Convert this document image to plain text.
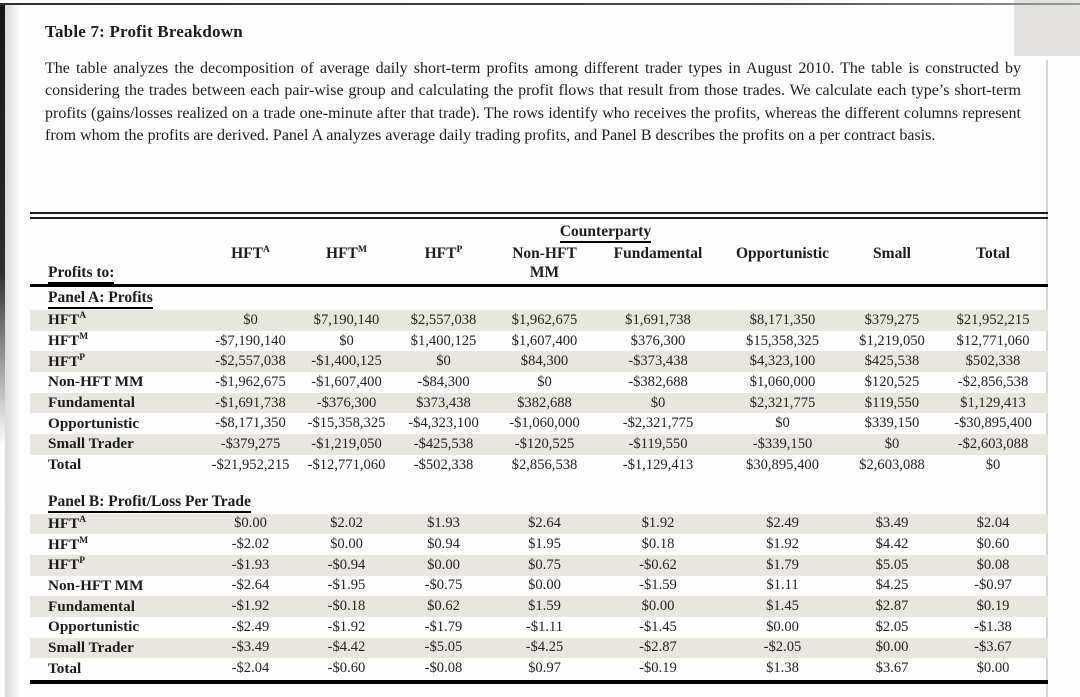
Table 7: Profit Breakdown
The table analyzes the decomposition of average daily short-term profits among different trader types in August 2010. The table is constructed by considering the trades between each pair-wise group and calculating the profit flows that result from those trades. We calculate each type’s short-term profits (gains/losses realized on a trade one-minute after that trade). The rows identify who receives the profits, whereas the different columns represent from whom the profits are derived. Panel A analyzes average daily trading profits, and Panel B describes the profits on a per contract basis.
Profits to:
Counterparty
$HFT^A$	$HFT^M$	$HFT^P$	Non-HFT MM
Fundamental	Opportunistic	Small	Total
Panel A: Profits
$HFT^A$	$0	$7,190,140	$2,557,038	$1,962,675	$1,691,738	$8,171,350	$379,275	$21,952,215
$HFT^M$	-$7,190,140	$0	$1,400,125	$1,607,400	$376,300	$15,358,325	$1,219,050	$12,771,060
$HFT^P$	-$2,557,038	-$1,400,125	$0	$84,300	-$373,438	$4,323,100	$425,538	$502,338
Non-HFT MM	-$1,962,675	-$1,607,400	-$84,300	$0	-$382,688	$1,060,000	$120,525	-$2,856,538
Fundamental	-$1,691,738	-$376,300	$373,438	$382,688	$0	$2,321,775	$119,550	$1,129,413
Opportunistic	-$8,171,350	-$15,358,325	-$4,323,100	-$1,060,000	-$2,321,775	$0	$339,150	-$30,895,400
Small Trader	-$379,275	-$1,219,050	-$425,538	-$120,525	-$119,550	-$339,150	$0	-$2,603,088
Total	-$21,952,215	-$12,771,060	-$502,338	$2,856,538	-$1,129,413	$30,895,400	$2,603,088	$0
Panel B: Profit/Loss Per Trade
$HFT^A$	$0.00	$2.02	$1.93	$2.64	$1.92	$2.49	$3.49	$2.04
$HFT^M$	-$2.02	$0.00	$0.94	$1.95	$0.18	$1.92	$4.42	$0.60
$HFT^P$	-$1.93	-$0.94	$0.00	$0.75	-$0.62	$1.79	$5.05	$0.08
Non-HFT MM	-$2.64	-$1.95	-$0.75	$0.00	-$1.59	$1.11	$4.25	-$0.97
Fundamental	-$1.92	-$0.18	$0.62	$1.59	$0.00	$1.45	$2.87	$0.19
Opportunistic	-$2.49	-$1.92	-$1.79	-$1.11	-$1.45	$0.00	$2.05	-$1.38
Small Trader	-$3.49	-$4.42	-$5.05	-$4.25	-$2.87	-$2.05	$0.00	-$3.67
Total	-$2.04	-$0.60	-$0.08	$0.97	-$0.19	$1.38	$3.67	$0.00
